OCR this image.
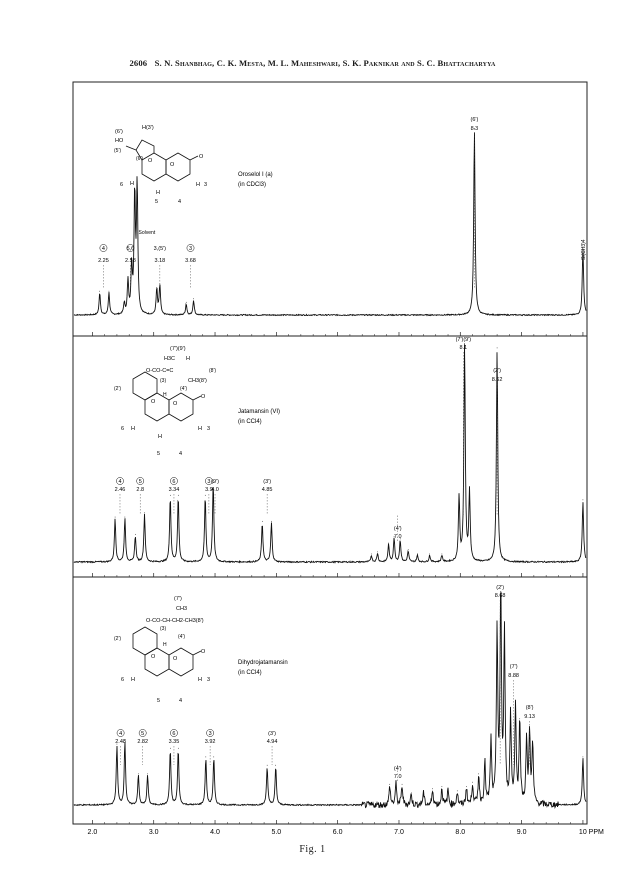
2606 S. N. Shanbhag, C. K. Mesta, M. L. Maheshwari, S. K. Paknikar and S. C. Bhattacharyya
4
2.25
5,6
2.58
Solvent
3,(5')
3.18
3
3.68
(6')
8.3
Si(CH3)4
4
2.46
5
2.8
6
3.34
3
3.9
(9')
4.0
(3')
4.85
(4')
7.0
(7')(9')
8.1
(2')
8.62
4
2.48
5
2.82
6
3.35
3
3.92
(3')
4.94
(4')
7.0
(2')
8.68
(7')
8.88
(8')
9.13
(6')
H(3')
HO
(5')
(6') O
O
O
H
H
H
6	3
5	4
Oroselol I (a)
(in CDCl3)
(7')(9')
H3C H
O-CO-C=C	(8')
CH3(8')
(3)
(4')
(2')
H
O	O
O
H
H
H
6	3
5	4
Jatamansin (VI)
(in CCl4)
(7')
CH3
O-CO-CH-CH2-CH3(8')
(3)
(4')
(2')
H
O	O
O
H	H
6	3
5	4
Dihydrojatamansin
(in CCl4)
2.0	3.0	4.0	5.0	6.0	7.0	8.0	9.0	10 PPM
Fig. 1
